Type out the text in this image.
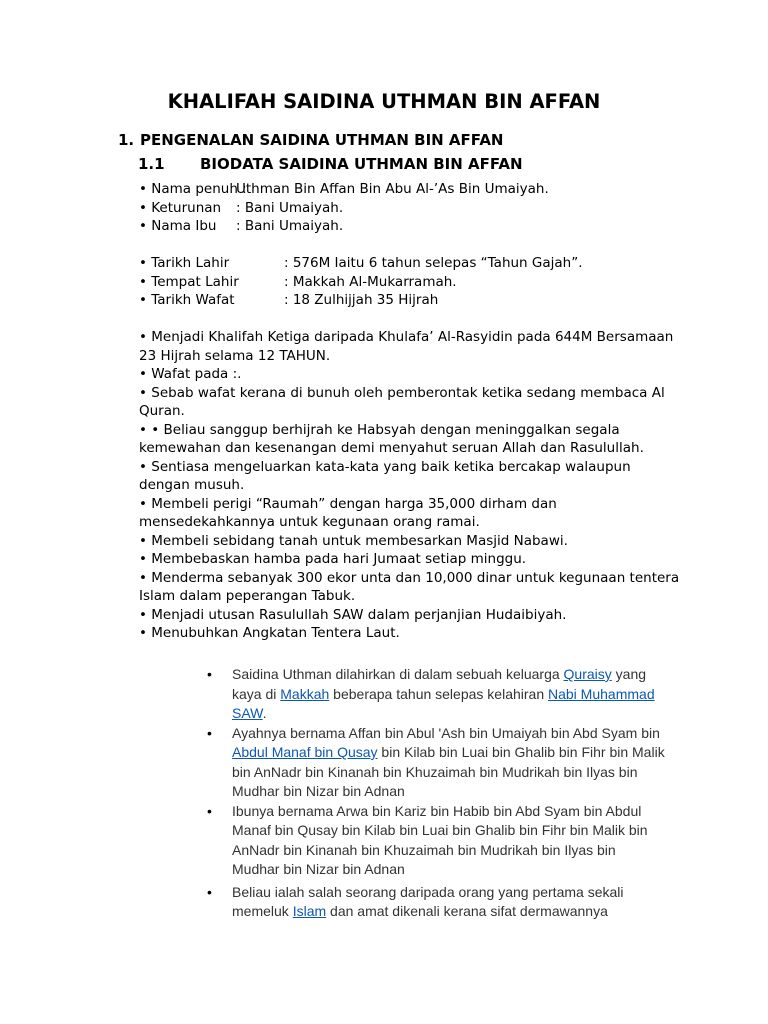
KHALIFAH SAIDINA UTHMAN BIN AFFAN
1. PENGENALAN SAIDINA UTHMAN BIN AFFAN
1.1 BIODATA SAIDINA UTHMAN BIN AFFAN
• Nama penuh :
Uthman Bin Affan Bin Abu Al-’As Bin Umaiyah.
• Keturunan	: Bani Umaiyah.
• Nama Ibu	: Bani Umaiyah.
• Tarikh Lahir	: 576M Iaitu 6 tahun selepas “Tahun Gajah”.
• Tempat Lahir	: Makkah Al-Mukarramah.
• Tarikh Wafat	: 18 Zulhijjah 35 Hijrah

• Menjadi Khalifah Ketiga daripada Khulafa’ Al-Rasyidin pada 644M Bersamaan 23 Hijrah selama 12 TAHUN.

• Wafat pada :.

• Sebab wafat kerana di bunuh oleh pemberontak ketika sedang membaca Al Quran.

• • Beliau sanggup berhijrah ke Habsyah dengan meninggalkan segala kemewahan dan kesenangan demi menyahut seruan Allah dan Rasulullah.

• Sentiasa mengeluarkan kata-kata yang baik ketika bercakap walaupun dengan musuh.

• Membeli perigi “Raumah” dengan harga 35,000 dirham dan mensedekahkannya untuk kegunaan orang ramai.

• Membeli sebidang tanah untuk membesarkan Masjid Nabawi.

• Membebaskan hamba pada hari Jumaat setiap minggu.

• Menderma sebanyak 300 ekor unta dan 10,000 dinar untuk kegunaan tentera Islam dalam peperangan Tabuk.

• Menjadi utusan Rasulullah SAW dalam perjanjian Hudaibiyah.

• Menubuhkan Angkatan Tentera Laut.

• Saidina Uthman dilahirkan di dalam sebuah keluarga Quraisy yang kaya di Makkah beberapa tahun selepas kelahiran Nabi Muhammad SAW.
• Ayahnya bernama Affan bin Abul 'Ash bin Umaiyah bin Abd Syam bin Abdul Manaf bin Qusay bin Kilab bin Luai bin Ghalib bin Fihr bin Malik bin AnNadr bin Kinanah bin Khuzaimah bin Mudrikah bin Ilyas bin Mudhar bin Nizar bin Adnan
• Ibunya bernama Arwa bin Kariz bin Habib bin Abd Syam bin Abdul Manaf bin Qusay bin Kilab bin Luai bin Ghalib bin Fihr bin Malik bin AnNadr bin Kinanah bin Khuzaimah bin Mudrikah bin Ilyas bin Mudhar bin Nizar bin Adnan
• Beliau ialah salah seorang daripada orang yang pertama sekali memeluk Islam dan amat dikenali kerana sifat dermawannya
